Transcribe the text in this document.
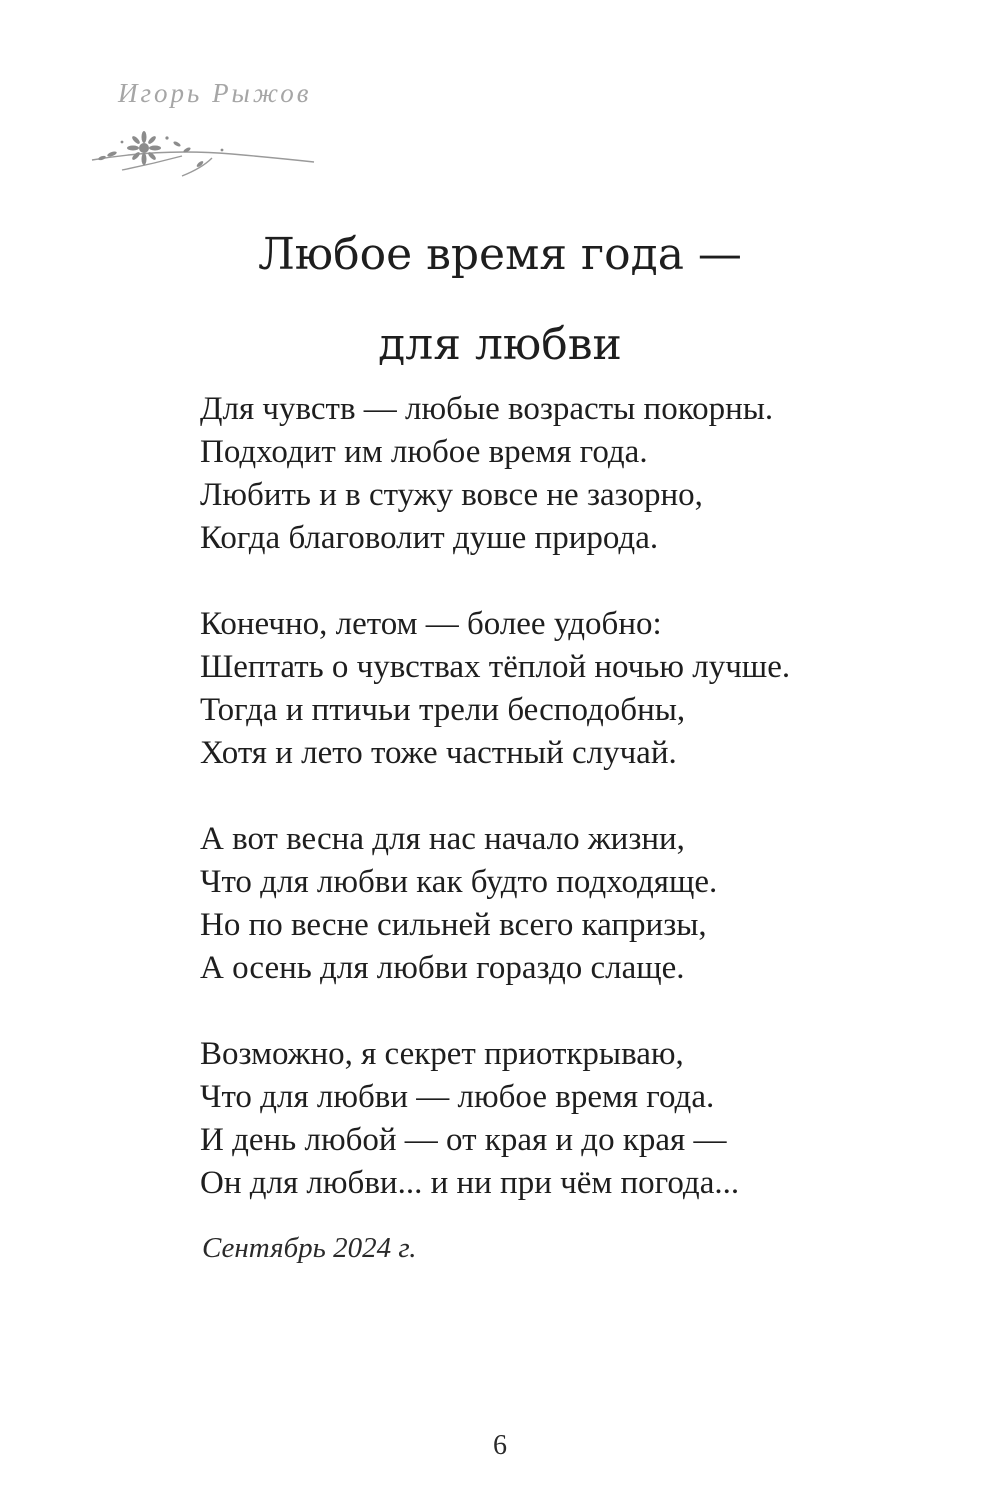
Игорь Рыжов
Любое время года —
для любви
Для чувств — любые возрасты покорны.
Подходит им любое время года.
Любить и в стужу вовсе не зазорно,
Когда благоволит душе природа.
Конечно, летом — более удобно:
Шептать о чувствах тёплой ночью лучше.
Тогда и птичьи трели бесподобны,
Хотя и лето тоже частный случай.
А вот весна для нас начало жизни,
Что для любви как будто подходяще.
Но по весне сильней всего капризы,
А осень для любви гораздо слаще.
Возможно, я секрет приоткрываю,
Что для любви — любое время года.
И день любой — от края и до края —
Он для любви... и ни при чём погода...
Сентябрь 2024 г.
6
